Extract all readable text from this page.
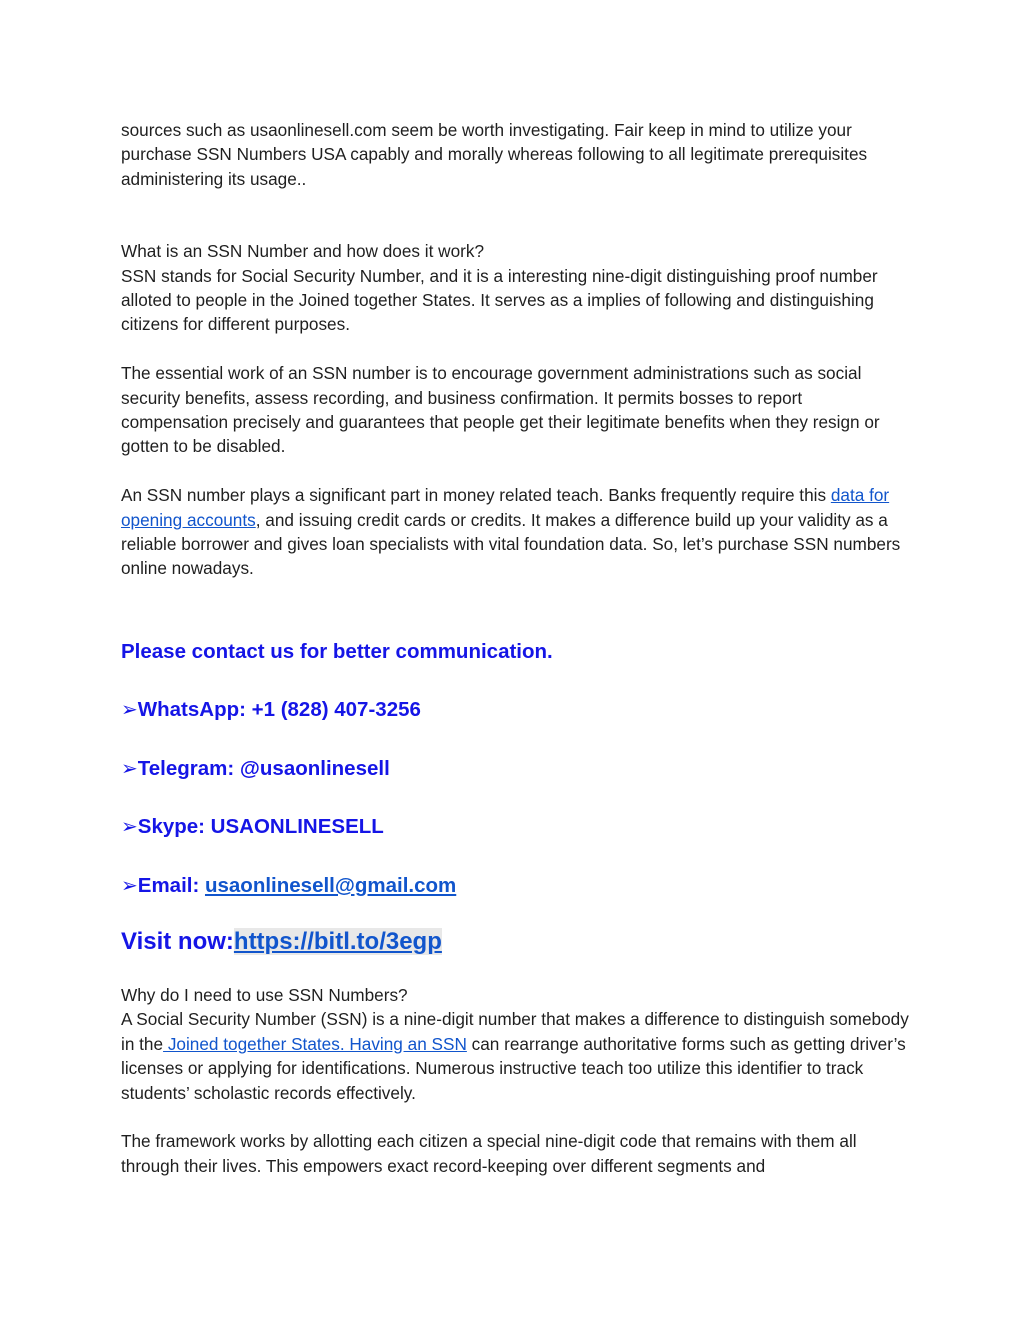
sources such as usaonlinesell.com seem be worth investigating. Fair keep in mind to utilize your purchase SSN Numbers USA capably and morally whereas following to all legitimate prerequisites administering its usage..

What is an SSN Number and how does it work?

SSN stands for Social Security Number, and it is a interesting nine-digit distinguishing proof number alloted to people in the Joined together States. It serves as a implies of following and distinguishing citizens for different purposes.

The essential work of an SSN number is to encourage government administrations such as social security benefits, assess recording, and business confirmation. It permits bosses to report compensation precisely and guarantees that people get their legitimate benefits when they resign or gotten to be disabled.

An SSN number plays a significant part in money related teach. Banks frequently require this data for opening accounts, and issuing credit cards or credits. It makes a difference build up your validity as a reliable borrower and gives loan specialists with vital foundation data. So, let’s purchase SSN numbers online nowadays.

Please contact us for better communication.

➢WhatsApp: +1 (828) 407-3256

➢Telegram: @usaonlinesell

➢Skype: USAONLINESELL

➢Email: usaonlinesell@gmail.com

Visit now:https://bitl.to/3egp

Why do I need to use SSN Numbers?

A Social Security Number (SSN) is a nine-digit number that makes a difference to distinguish somebody in the Joined together States. Having an SSN can rearrange authoritative forms such as getting driver’s licenses or applying for identifications. Numerous instructive teach too utilize this identifier to track students’ scholastic records effectively.

The framework works by allotting each citizen a special nine-digit code that remains with them all through their lives. This empowers exact record-keeping over different segments and
